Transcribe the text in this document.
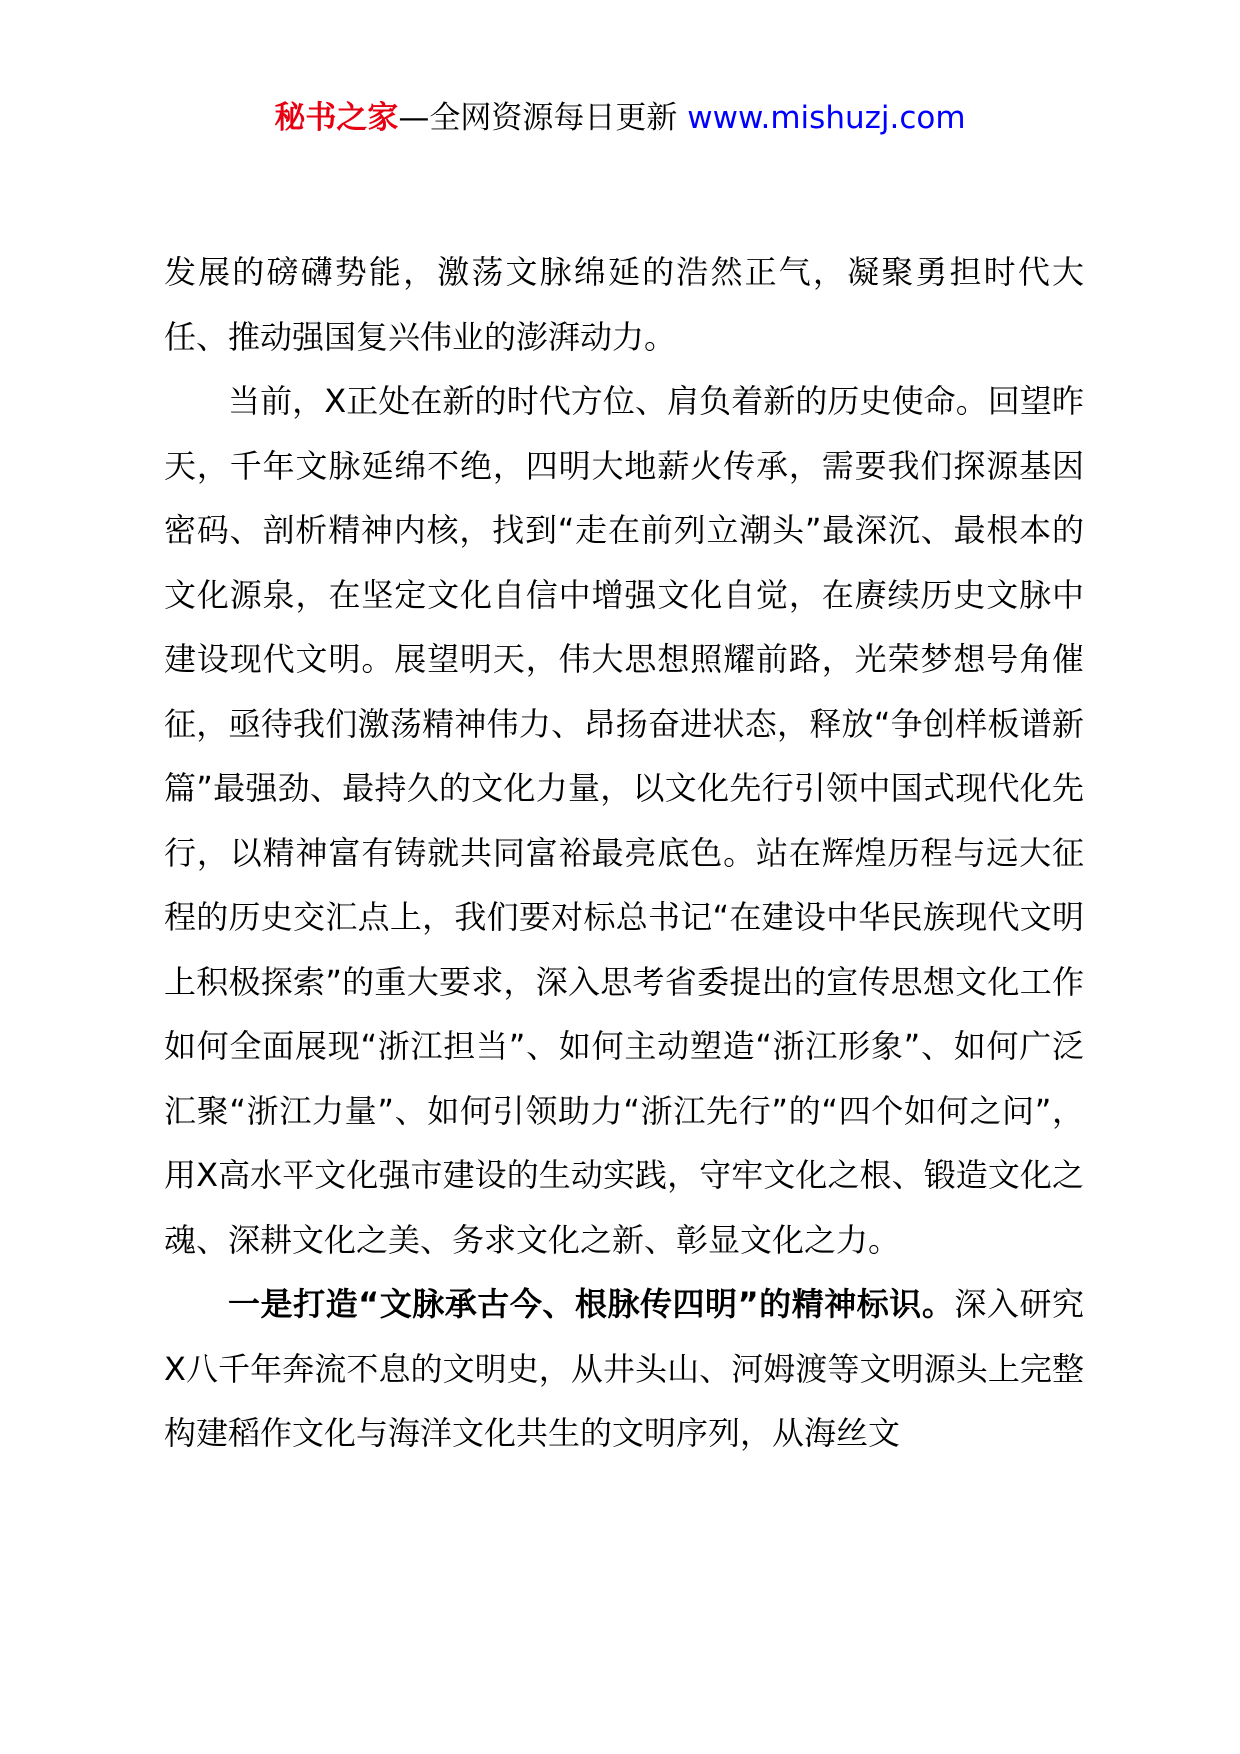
秘书之家—全网资源每日更新 www.mishuzj.com

发展的磅礴势能，激荡文脉绵延的浩然正气，凝聚勇担时代大任、推动强国复兴伟业的澎湃动力。

当前，X正处在新的时代方位、肩负着新的历史使命。回望昨天，千年文脉延绵不绝，四明大地薪火传承，需要我们探源基因密码、剖析精神内核，找到“走在前列立潮头”最深沉、最根本的文化源泉，在坚定文化自信中增强文化自觉，在赓续历史文脉中建设现代文明。展望明天，伟大思想照耀前路，光荣梦想号角催征，亟待我们激荡精神伟力、昂扬奋进状态，释放“争创样板谱新篇”最强劲、最持久的文化力量，以文化先行引领中国式现代化先行，以精神富有铸就共同富裕最亮底色。站在辉煌历程与远大征程的历史交汇点上，我们要对标总书记“在建设中华民族现代文明上积极探索”的重大要求，深入思考省委提出的宣传思想文化工作如何全面展现“浙江担当”、如何主动塑造“浙江形象”、如何广泛汇聚“浙江力量”、如何引领助力“浙江先行”的“四个如何之问”，用X高水平文化强市建设的生动实践，守牢文化之根、锻造文化之魂、深耕文化之美、务求文化之新、彰显文化之力。

一是打造“文脉承古今、根脉传四明”的精神标识。深入研究X八千年奔流不息的文明史，从井头山、河姆渡等文明源头上完整构建稻作文化与海洋文化共生的文明序列，从海丝文
